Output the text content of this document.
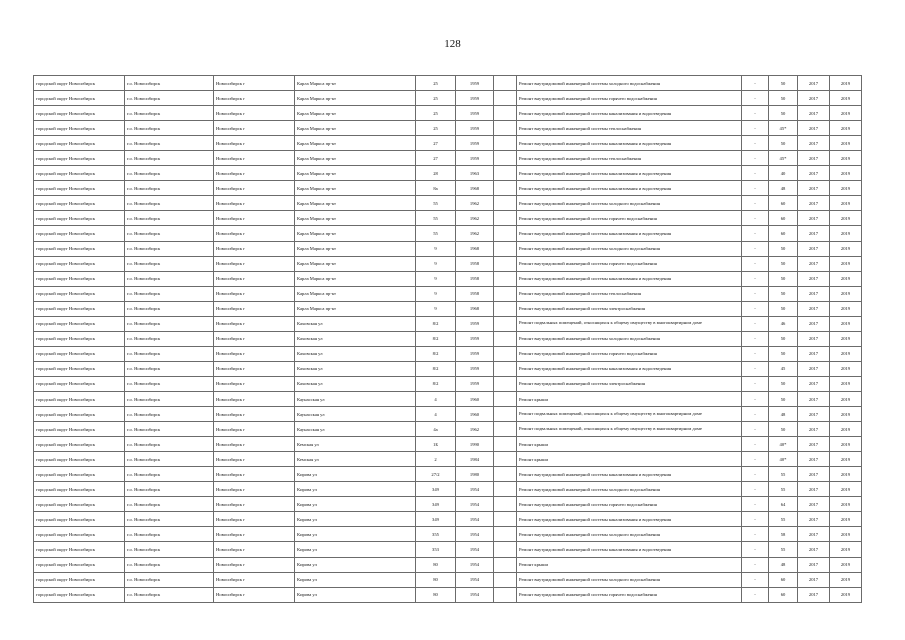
128
городской округ Новосибирск	г.о. Новосибирск	Новосибирск г	Карла Маркса пр-кт	25	1959		Ремонт внутридомовой инженерной системы холодного водоснабжения	-	50	2017	2019
городской округ Новосибирск	г.о. Новосибирск	Новосибирск г	Карла Маркса пр-кт	25	1959		Ремонт внутридомовой инженерной системы горячего водоснабжения	-	50	2017	2019
городской округ Новосибирск	г.о. Новосибирск	Новосибирск г	Карла Маркса пр-кт	25	1959		Ремонт внутридомовой инженерной системы канализования и водоотведения	-	50	2017	2019
городской округ Новосибирск	г.о. Новосибирск	Новосибирск г	Карла Маркса пр-кт	25	1959		Ремонт внутридомовой инженерной системы теплоснабжения	-	45*	2017	2019
городской округ Новосибирск	г.о. Новосибирск	Новосибирск г	Карла Маркса пр-кт	27	1959		Ремонт внутридомовой инженерной системы канализования и водоотведения	-	50	2017	2019
городской округ Новосибирск	г.о. Новосибирск	Новосибирск г	Карла Маркса пр-кт	27	1959		Ремонт внутридомовой инженерной системы теплоснабжения	-	45*	2017	2019
городской округ Новосибирск	г.о. Новосибирск	Новосибирск г	Карла Маркса пр-кт	28	1963		Ремонт внутридомовой инженерной системы канализования и водоотведения	-	40	2017	2019
городской округ Новосибирск	г.о. Новосибирск	Новосибирск г	Карла Маркса пр-кт	8а	1968		Ремонт внутридомовой инженерной системы канализования и водоотведения	-	48	2017	2019
городской округ Новосибирск	г.о. Новосибирск	Новосибирск г	Карла Маркса пр-кт	55	1962		Ремонт внутридомовой инженерной системы холодного водоснабжения	-	60	2017	2019
городской округ Новосибирск	г.о. Новосибирск	Новосибирск г	Карла Маркса пр-кт	55	1962		Ремонт внутридомовой инженерной системы горячего водоснабжения	-	60	2017	2019
городской округ Новосибирск	г.о. Новосибирск	Новосибирск г	Карла Маркса пр-кт	55	1962		Ремонт внутридомовой инженерной системы канализования и водоотведения	-	60	2017	2019
городской округ Новосибирск	г.о. Новосибирск	Новосибирск г	Карла Маркса пр-кт	9	1968		Ремонт внутридомовой инженерной системы холодного водоснабжения	-	50	2017	2019
городской округ Новосибирск	г.о. Новосибирск	Новосибирск г	Карла Маркса пр-кт	9	1958		Ремонт внутридомовой инженерной системы горячего водоснабжения	-	50	2017	2019
городской округ Новосибирск	г.о. Новосибирск	Новосибирск г	Карла Маркса пр-кт	9	1958		Ремонт внутридомовой инженерной системы канализования и водоотведения	-	50	2017	2019
городской округ Новосибирск	г.о. Новосибирск	Новосибирск г	Карла Маркса пр-кт	9	1958		Ремонт внутридомовой инженерной системы теплоснабжения	-	50	2017	2019
городской округ Новосибирск	г.о. Новосибирск	Новосибирск г	Карла Маркса пр-кт	9	1968		Ремонт внутридомовой инженерной системы электроснабжения	-	50	2017	2019
городской округ Новосибирск	г.о. Новосибирск	Новосибирск г	Каховская ул	8/2	1959		Ремонт подвальных помещений, относящихся к общему имуществу в многоквартирном доме	-	46	2017	2019
городской округ Новосибирск	г.о. Новосибирск	Новосибирск г	Каховская ул	8/2	1959		Ремонт внутридомовой инженерной системы холодного водоснабжения	-	50	2017	2019
городской округ Новосибирск	г.о. Новосибирск	Новосибирск г	Каховская ул	8/2	1959		Ремонт внутридомовой инженерной системы горячего водоснабжения	-	50	2017	2019
городской округ Новосибирск	г.о. Новосибирск	Новосибирск г	Каховская ул	8/2	1959		Ремонт внутридомовой инженерной системы канализования и водоотведения	-	45	2017	2019
городской округ Новосибирск	г.о. Новосибирск	Новосибирск г	Каховская ул	8/2	1959		Ремонт внутридомовой инженерной системы электроснабжения	-	50	2017	2019
городской округ Новосибирск	г.о. Новосибирск	Новосибирск г	Каунасская ул	4	1960		Ремонт крыши	-	50	2017	2019
городской округ Новосибирск	г.о. Новосибирск	Новосибирск г	Каунасская ул	4	1960		Ремонт подвальных помещений, относящихся к общему имуществу в многоквартирном доме	-	48	2017	2019
городской округ Новосибирск	г.о. Новосибирск	Новосибирск г	Каунасская ул	4а	1962		Ремонт подвальных помещений, относящихся к общему имуществу в многоквартирном доме	-	50	2017	2019
городской округ Новосибирск	г.о. Новосибирск	Новосибирск г	Кемская ул	1Б	1990		Ремонт крыши	-	40*	2017	2019
городской округ Новосибирск	г.о. Новосибирск	Новосибирск г	Кемская ул	2	1984		Ремонт крыши	-	40*	2017	2019
городской округ Новосибирск	г.о. Новосибирск	Новосибирск г	Кирова ул	27/2	1980		Ремонт внутридомовой инженерной системы канализования и водоотведения	-	55	2017	2019
городской округ Новосибирск	г.о. Новосибирск	Новосибирск г	Кирова ул	349	1954		Ремонт внутридомовой инженерной системы холодного водоснабжения	-	55	2017	2019
городской округ Новосибирск	г.о. Новосибирск	Новосибирск г	Кирова ул	349	1954		Ремонт внутридомовой инженерной системы горячего водоснабжения	-	64	2017	2019
городской округ Новосибирск	г.о. Новосибирск	Новосибирск г	Кирова ул	349	1954		Ремонт внутридомовой инженерной системы канализования и водоотведения	-	55	2017	2019
городской округ Новосибирск	г.о. Новосибирск	Новосибирск г	Кирова ул	355	1954		Ремонт внутридомовой инженерной системы холодного водоснабжения	-	58	2017	2019
городской округ Новосибирск	г.о. Новосибирск	Новосибирск г	Кирова ул	353	1954		Ремонт внутридомовой инженерной системы канализования и водоотведения	-	55	2017	2019
городской округ Новосибирск	г.о. Новосибирск	Новосибирск г	Кирова ул	80	1954		Ремонт крыши	-	48	2017	2019
городской округ Новосибирск	г.о. Новосибирск	Новосибирск г	Кирова ул	80	1954		Ремонт внутридомовой инженерной системы холодного водоснабжения	-	60	2017	2019
городской округ Новосибирск	г.о. Новосибирск	Новосибирск г	Кирова ул	80	1954		Ремонт внутридомовой инженерной системы горячего водоснабжения	-	60	2017	2019
